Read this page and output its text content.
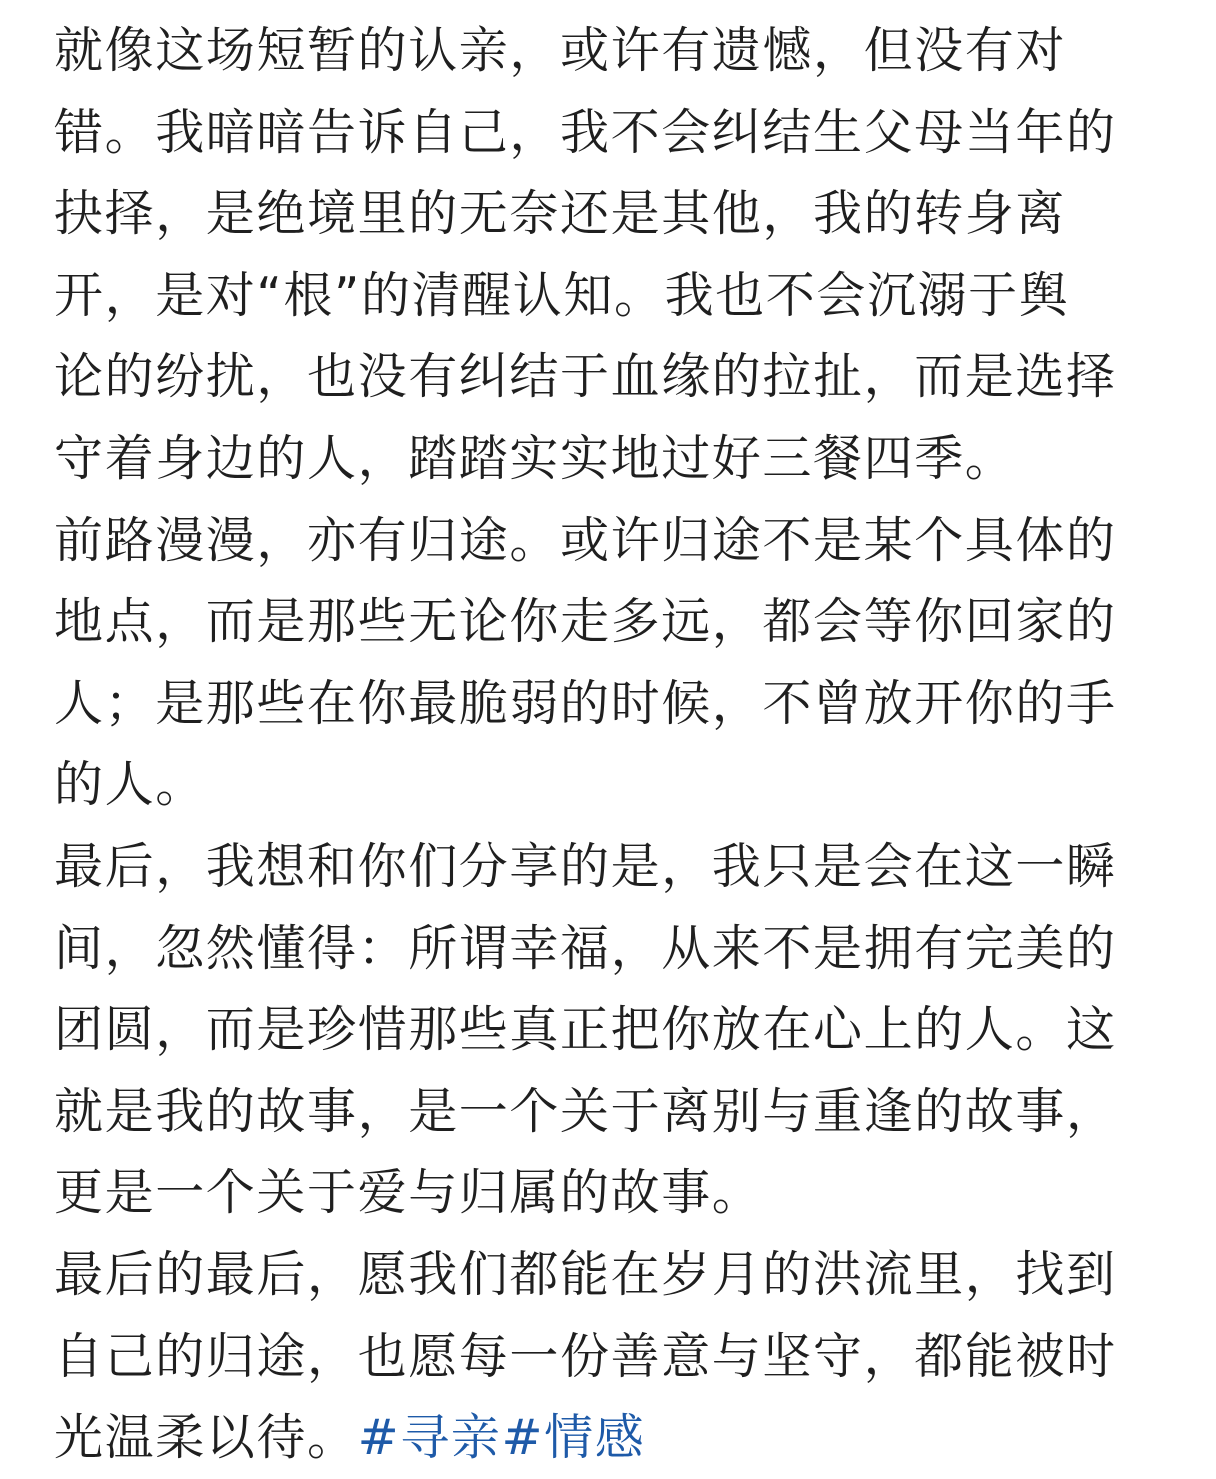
就像这场短暂的认亲，或许有遗憾，但没有对
错。我暗暗告诉自己，我不会纠结生父母当年的
抉择，是绝境里的无奈还是其他，我的转身离
开，是对“根”的清醒认知。我也不会沉溺于舆
论的纷扰，也没有纠结于血缘的拉扯，而是选择
守着身边的人，踏踏实实地过好三餐四季。

前路漫漫，亦有归途。或许归途不是某个具体的
地点，而是那些无论你走多远，都会等你回家的
人；是那些在你最脆弱的时候，不曾放开你的手
的人。

最后，我想和你们分享的是，我只是会在这一瞬
间，忽然懂得：所谓幸福，从来不是拥有完美的
团圆，而是珍惜那些真正把你放在心上的人。这
就是我的故事，是一个关于离别与重逢的故事，
更是一个关于爱与归属的故事。

最后的最后，愿我们都能在岁月的洪流里，找到
自己的归途，也愿每一份善意与坚守，都能被时
光温柔以待。#寻亲#情感
